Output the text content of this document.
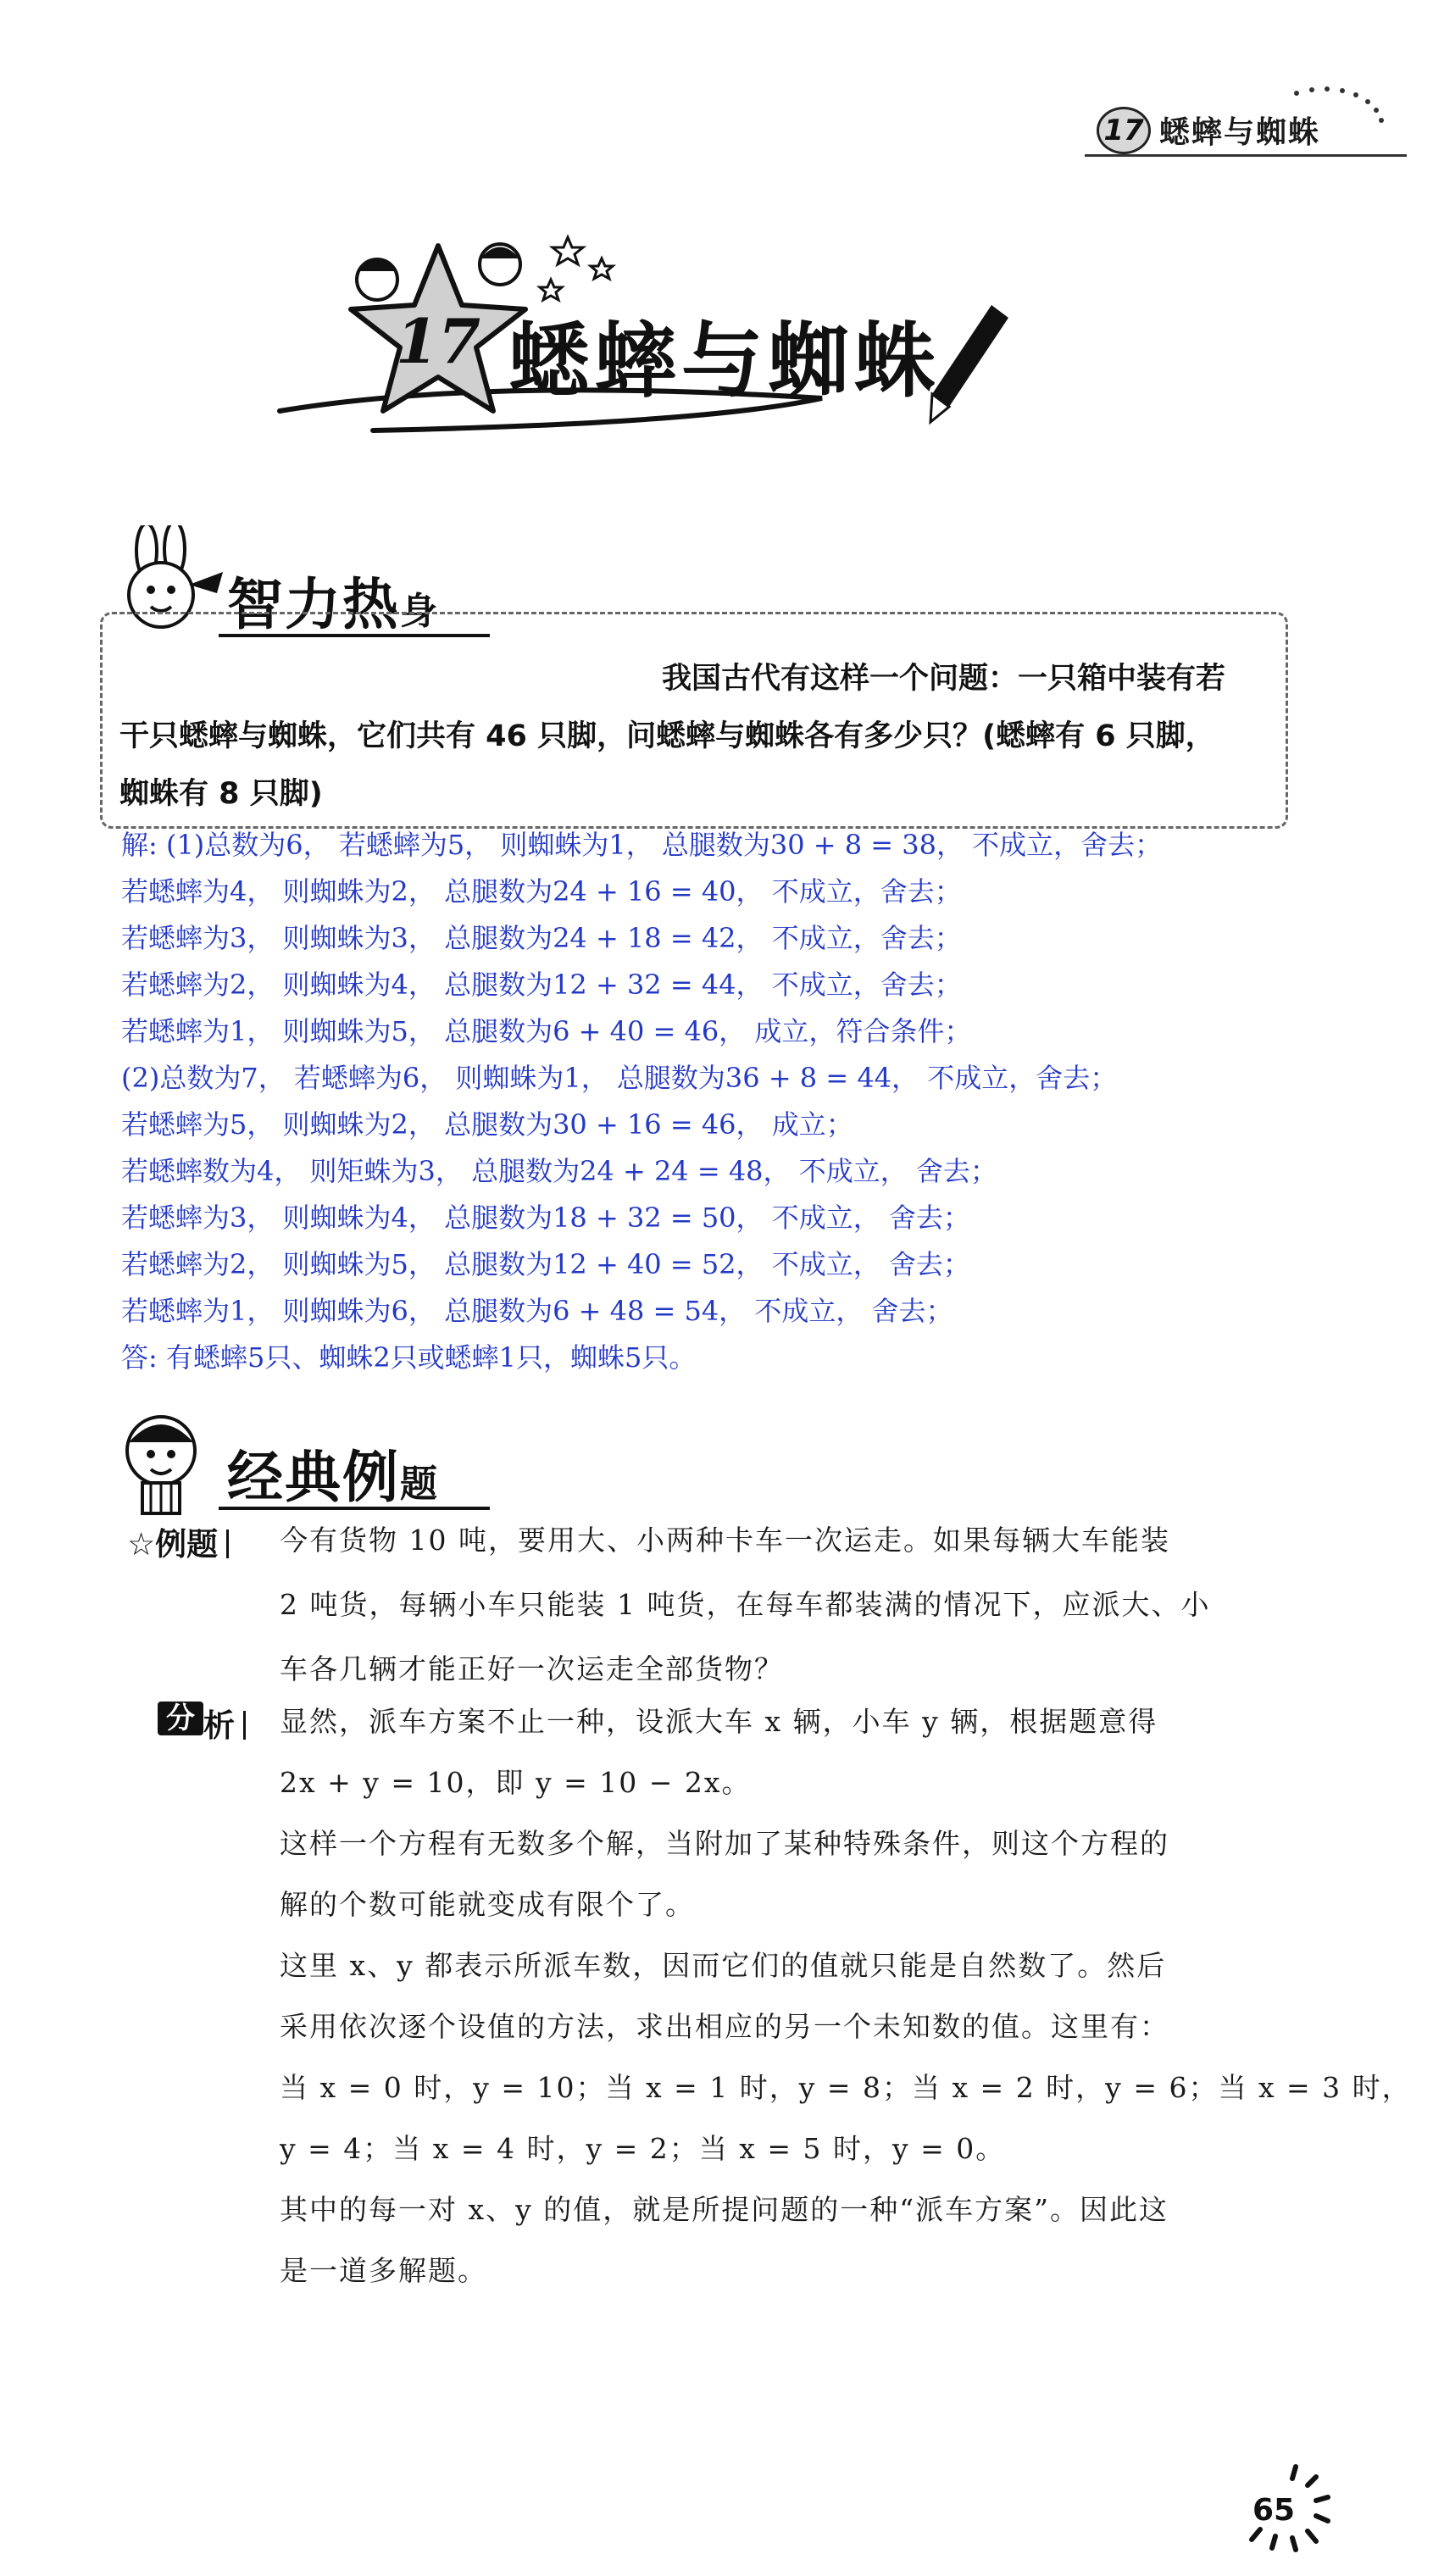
17 蟋蟀与蜘蛛
17 蟋蟀与蜘蛛
智力热身
我国古代有这样一个问题：一只箱中装有若
干只蟋蟀与蜘蛛，它们共有 46 只脚，问蟋蟀与蜘蛛各有多少只？(蟋蟀有 6 只脚，
蜘蛛有 8 只脚)
解: (1)总数为6， 若蟋蟀为5， 则蜘蛛为1， 总腿数为30 + 8 = 38， 不成立，舍去；
若蟋蟀为4， 则蜘蛛为2， 总腿数为24 + 16 = 40， 不成立，舍去；
若蟋蟀为3， 则蜘蛛为3， 总腿数为24 + 18 = 42， 不成立，舍去；
若蟋蟀为2， 则蜘蛛为4， 总腿数为12 + 32 = 44， 不成立，舍去；
若蟋蟀为1， 则蜘蛛为5， 总腿数为6 + 40 = 46， 成立，符合条件；
(2)总数为7， 若蟋蟀为6， 则蜘蛛为1， 总腿数为36 + 8 = 44， 不成立，舍去；
若蟋蟀为5， 则蜘蛛为2， 总腿数为30 + 16 = 46， 成立；
若蟋蟀数为4， 则矩蛛为3， 总腿数为24 + 24 = 48， 不成立， 舍去；
若蟋蟀为3， 则蜘蛛为4， 总腿数为18 + 32 = 50， 不成立， 舍去；
若蟋蟀为2， 则蜘蛛为5， 总腿数为12 + 40 = 52， 不成立， 舍去；
若蟋蟀为1， 则蜘蛛为6， 总腿数为6 + 48 = 54， 不成立， 舍去；
答: 有蟋蟀5只、蜘蛛2只或蟋蟀1只，蜘蛛5只。
经典例题
☆例题	今有货物 10 吨，要用大、小两种卡车一次运走。如果每辆大车能装
2 吨货，每辆小车只能装 1 吨货，在每车都装满的情况下，应派大、小
车各几辆才能正好一次运走全部货物？
分 析	显然，派车方案不止一种，设派大车 x 辆，小车 y 辆，根据题意得
2x + y = 10，即 y = 10 − 2x。
这样一个方程有无数多个解，当附加了某种特殊条件，则这个方程的
解的个数可能就变成有限个了。
这里 x、y 都表示所派车数，因而它们的值就只能是自然数了。然后
采用依次逐个设值的方法，求出相应的另一个未知数的值。这里有：
当 x = 0 时，y = 10；当 x = 1 时，y = 8；当 x = 2 时，y = 6；当 x = 3 时，
y = 4；当 x = 4 时，y = 2；当 x = 5 时，y = 0。
其中的每一对 x、y 的值，就是所提问题的一种“派车方案”。因此这
是一道多解题。
65
